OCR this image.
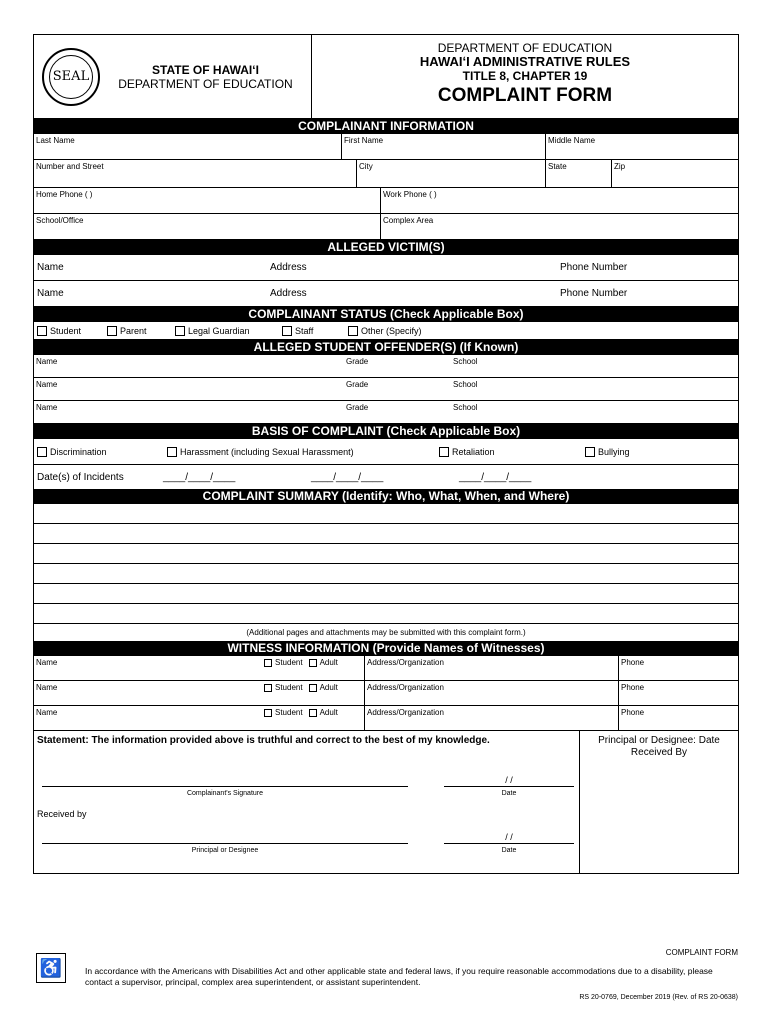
SEAL	STATE OF HAWAIʻI
DEPARTMENT OF EDUCATION
DEPARTMENT OF EDUCATION
HAWAIʻI ADMINISTRATIVE RULES
TITLE 8, CHAPTER 19
COMPLAINT FORM
COMPLAINANT INFORMATION
Last Name	First Name	Middle Name
Number and Street	City	State	Zip
Home Phone ( )	Work Phone ( )
School/Office	Complex Area
ALLEGED VICTIM(S)
Name	Address	Phone Number
Name	Address	Phone Number
COMPLAINANT STATUS (Check Applicable Box)
Student	Parent	Legal Guardian	Staff	Other (Specify)
ALLEGED STUDENT OFFENDER(S) (If Known)
Name	Grade	School
Name	Grade	School
Name	Grade	School
BASIS OF COMPLAINT (Check Applicable Box)
Discrimination	Harassment (including Sexual Harassment)	Retaliation	Bullying
Date(s) of Incidents	____/____/____	____/____/____	____/____/____
COMPLAINT SUMMARY (Identify: Who, What, When, and Where)
(Additional pages and attachments may be submitted with this complaint form.)
WITNESS INFORMATION (Provide Names of Witnesses)
Name	Student Adult	Address/Organization	Phone
Name	Student Adult	Address/Organization	Phone
Name	Student Adult	Address/Organization	Phone
Statement: The information provided above is truthful and correct to the best of my knowledge.
Complainant's Signature
/ /
Date
Received by
Principal or Designee
/ /
Date
Principal or Designee: Date Received By
COMPLAINT FORM
♿	In accordance with the Americans with Disabilities Act and other applicable state and federal laws, if you require reasonable accommodations due to a disability, please contact a supervisor, principal, complex area superintendent, or assistant superintendent.
RS 20-0769, December 2019 (Rev. of RS 20-0638)
